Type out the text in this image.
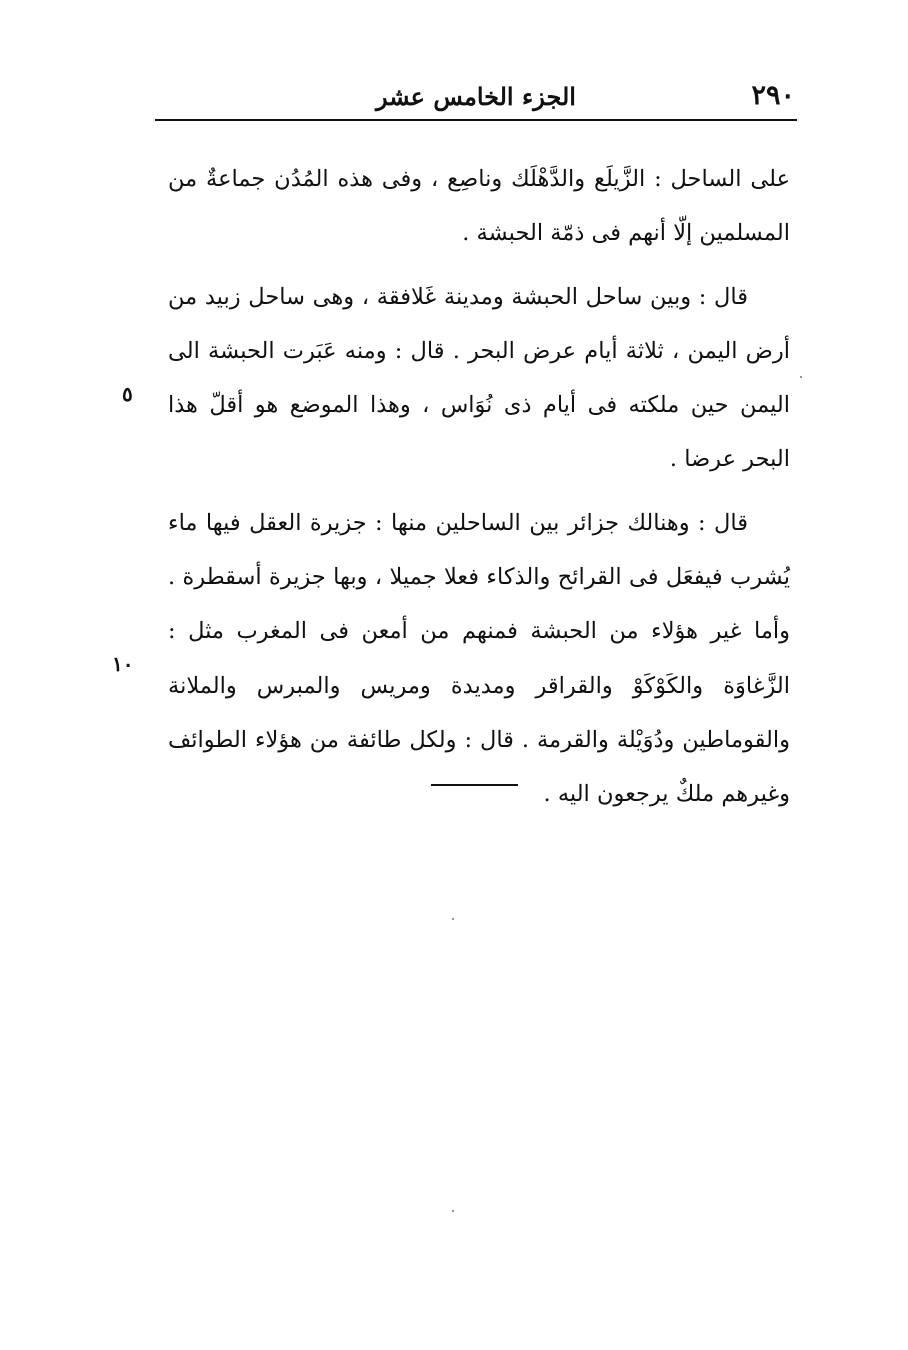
٢٩٠
الجزء الخامس عشر

على الساحل : الزَّيلَع والدَّهْلَك وناصِع ، وفى هذه المُدُن جماعةٌ من المسلمين إلّا أنهم فى ذمّة الحبشة .

قال : وبين ساحل الحبشة ومدينة غَلافقة ، وهى ساحل زبيد من أرض اليمن ، ثلاثة أيام عرض البحر . قال : ومنه عَبَرت الحبشة الى اليمن حين ملكته فى أيام ذى نُوَاس ، وهذا الموضع هو أقلّ هذا البحر عرضا .

قال : وهنالك جزائر بين الساحلين منها : جزيرة العقل فيها ماء يُشرب فيفعَل فى القرائح والذكاء فعلا جميلا ، وبها جزيرة أسقطرة . وأما غير هؤلاء من الحبشة فمنهم من أمعن فى المغرب مثل : الزَّغاوَة والكَوْكَوْ والقراقر ومديدة ومريس والمبرس والملانة والقوماطين ودُوَيْلة والقرمة . قال : ولكل طائفة من هؤلاء الطوائف وغيرهم ملكٌ يرجعون اليه .

٥
١٠
